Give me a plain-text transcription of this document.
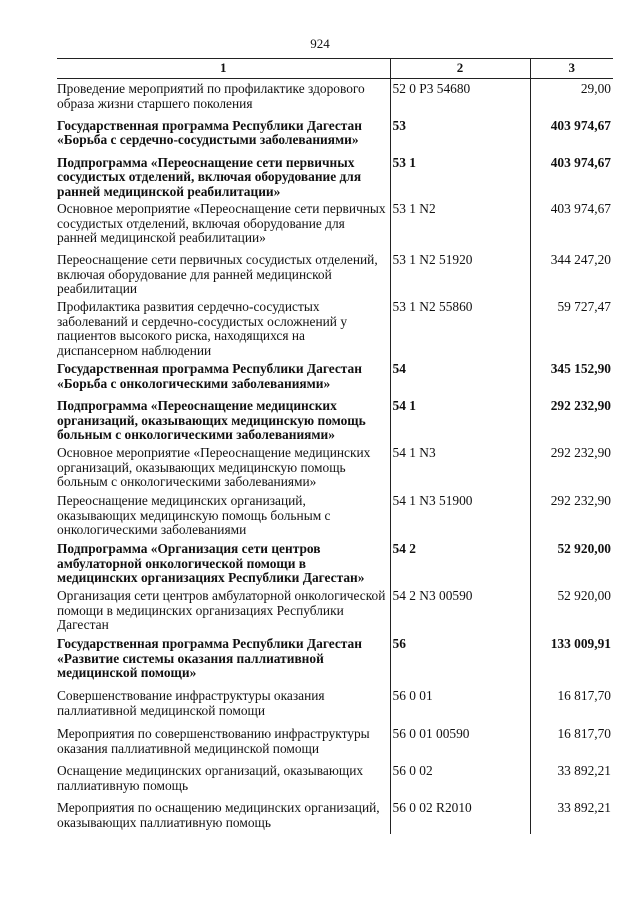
924
1	2	3
Проведение мероприятий по профилактике здорового образа жизни старшего поколения	52 0 P3 54680	29,00
Государственная программа Республики Дагестан «Борьба с сердечно-сосудистыми заболеваниями»	53	403 974,67
Подпрограмма «Переоснащение сети первичных сосудистых отделений, включая оборудование для ранней медицинской реабилитации»	53 1	403 974,67
Основное мероприятие «Переоснащение сети первичных сосудистых отделений, включая оборудование для ранней медицинской реабилитации»	53 1 N2	403 974,67
Переоснащение сети первичных сосудистых отделений, включая оборудование для ранней медицинской реабилитации	53 1 N2 51920	344 247,20
Профилактика развития сердечно-сосудистых заболеваний и сердечно-сосудистых осложнений у пациентов высокого риска, находящихся на диспансерном наблюдении	53 1 N2 55860	59 727,47
Государственная программа Республики Дагестан «Борьба с онкологическими заболеваниями»	54	345 152,90
Подпрограмма «Переоснащение медицинских организаций, оказывающих медицинскую помощь больным с онкологическими заболеваниями»	54 1	292 232,90
Основное мероприятие «Переоснащение медицинских организаций, оказывающих медицинскую помощь больным с онкологическими заболеваниями»	54 1 N3	292 232,90
Переоснащение медицинских организаций, оказывающих медицинскую помощь больным с онкологическими заболеваниями	54 1 N3 51900	292 232,90
Подпрограмма «Организация сети центров амбулаторной онкологической помощи в медицинских организациях Республики Дагестан»	54 2	52 920,00
Организация сети центров амбулаторной онкологической помощи в медицинских организациях Республики Дагестан	54 2 N3 00590	52 920,00
Государственная программа Республики Дагестан «Развитие системы оказания паллиативной медицинской помощи»	56	133 009,91
Совершенствование инфраструктуры оказания паллиативной медицинской помощи	56 0 01	16 817,70
Мероприятия по совершенствованию инфраструктуры оказания паллиативной медицинской помощи	56 0 01 00590	16 817,70
Оснащение медицинских организаций, оказывающих паллиативную помощь	56 0 02	33 892,21
Мероприятия по оснащению медицинских организаций, оказывающих паллиативную помощь	56 0 02 R2010	33 892,21
